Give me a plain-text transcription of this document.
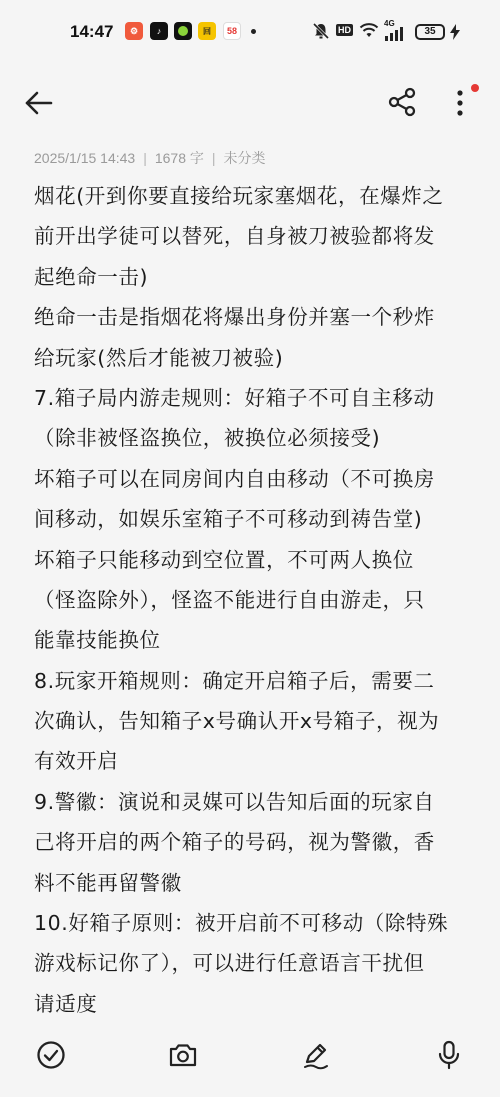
14:47	⚙	♪	回	58	HD
4G
35
2025/1/15 14:43 | 1678 字 | 未分类
烟花(开到你要直接给玩家塞烟花，在爆炸之
前开出学徒可以替死，自身被刀被验都将发
起绝命一击)
绝命一击是指烟花将爆出身份并塞一个秒炸
给玩家(然后才能被刀被验)
7.箱子局内游走规则：好箱子不可自主移动
（除非被怪盗换位，被换位必须接受)
坏箱子可以在同房间内自由移动（不可换房
间移动，如娱乐室箱子不可移动到祷告堂)
坏箱子只能移动到空位置，不可两人换位
（怪盗除外），怪盗不能进行自由游走，只
能靠技能换位
8.玩家开箱规则：确定开启箱子后，需要二
次确认，告知箱子x号确认开x号箱子，视为
有效开启
9.警徽：演说和灵媒可以告知后面的玩家自
己将开启的两个箱子的号码，视为警徽，香
料不能再留警徽
10.好箱子原则：被开启前不可移动（除特殊
游戏标记你了），可以进行任意语言干扰但
请适度
